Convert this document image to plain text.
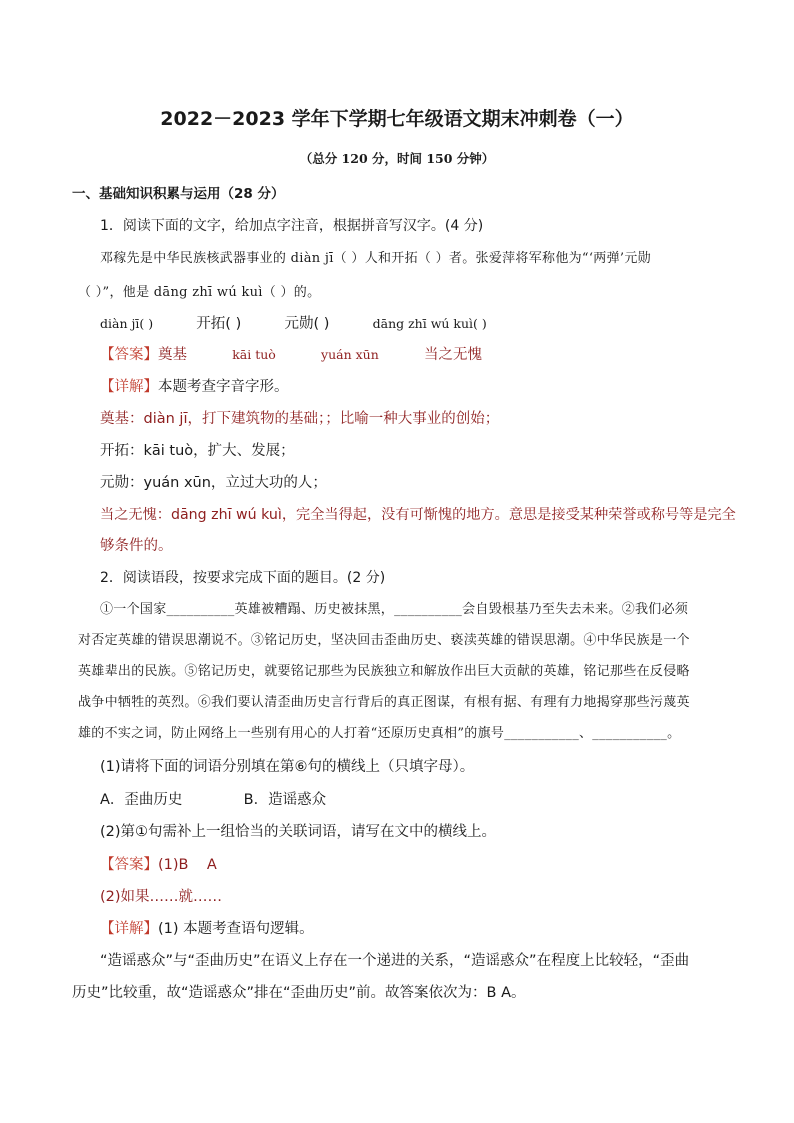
2022－2023 学年下学期七年级语文期末冲刺卷（一）
（总分 120 分，时间 150 分钟）
一、基础知识积累与运用（28 分）
1．阅读下面的文字，给加点字注音，根据拼音写汉字。(4 分)
邓稼先是中华民族核武器事业的 diàn jī（ ）人和开拓（ ）者。张爱萍将军称他为“‘两弹’元勋
（ ）”，他是 dāng zhī wú kuì（ ）的。
diàn jī( )	开拓( )	元勋( )	dāng zhī wú kuì( )
【答案】奠基	kāi tuò	yuán xūn	当之无愧
【详解】本题考查字音字形。
奠基：diàn jī，打下建筑物的基础；；比喻一种大事业的创始；
开拓：kāi tuò，扩大、发展；
元勋：yuán xūn，立过大功的人；
当之无愧：dāng zhī wú kuì，完全当得起，没有可惭愧的地方。意思是接受某种荣誉或称号等是完全
够条件的。
2．阅读语段，按要求完成下面的题目。(2 分)
①一个国家__________英雄被糟蹋、历史被抹黑，__________会自毁根基乃至失去未来。②我们必须
对否定英雄的错误思潮说不。③铭记历史，坚决回击歪曲历史、亵渎英雄的错误思潮。④中华民族是一个
英雄辈出的民族。⑤铭记历史，就要铭记那些为民族独立和解放作出巨大贡献的英雄，铭记那些在反侵略
战争中牺牲的英烈。⑥我们要认清歪曲历史言行背后的真正图谋，有根有据、有理有力地揭穿那些污蔑英
雄的不实之词，防止网络上一些别有用心的人打着“还原历史真相”的旗号___________、___________。
(1)请将下面的词语分别填在第⑥句的横线上（只填字母）。
A．歪曲历史	B．造谣惑众
(2)第①句需补上一组恰当的关联词语，请写在文中的横线上。
【答案】(1)B    A
(2)如果……就……
【详解】(1) 本题考查语句逻辑。
“造谣惑众”与“歪曲历史”在语义上存在一个递进的关系，“造谣惑众”在程度上比较轻，“歪曲
历史”比较重，故“造谣惑众”排在“歪曲历史”前。故答案依次为：B A。
